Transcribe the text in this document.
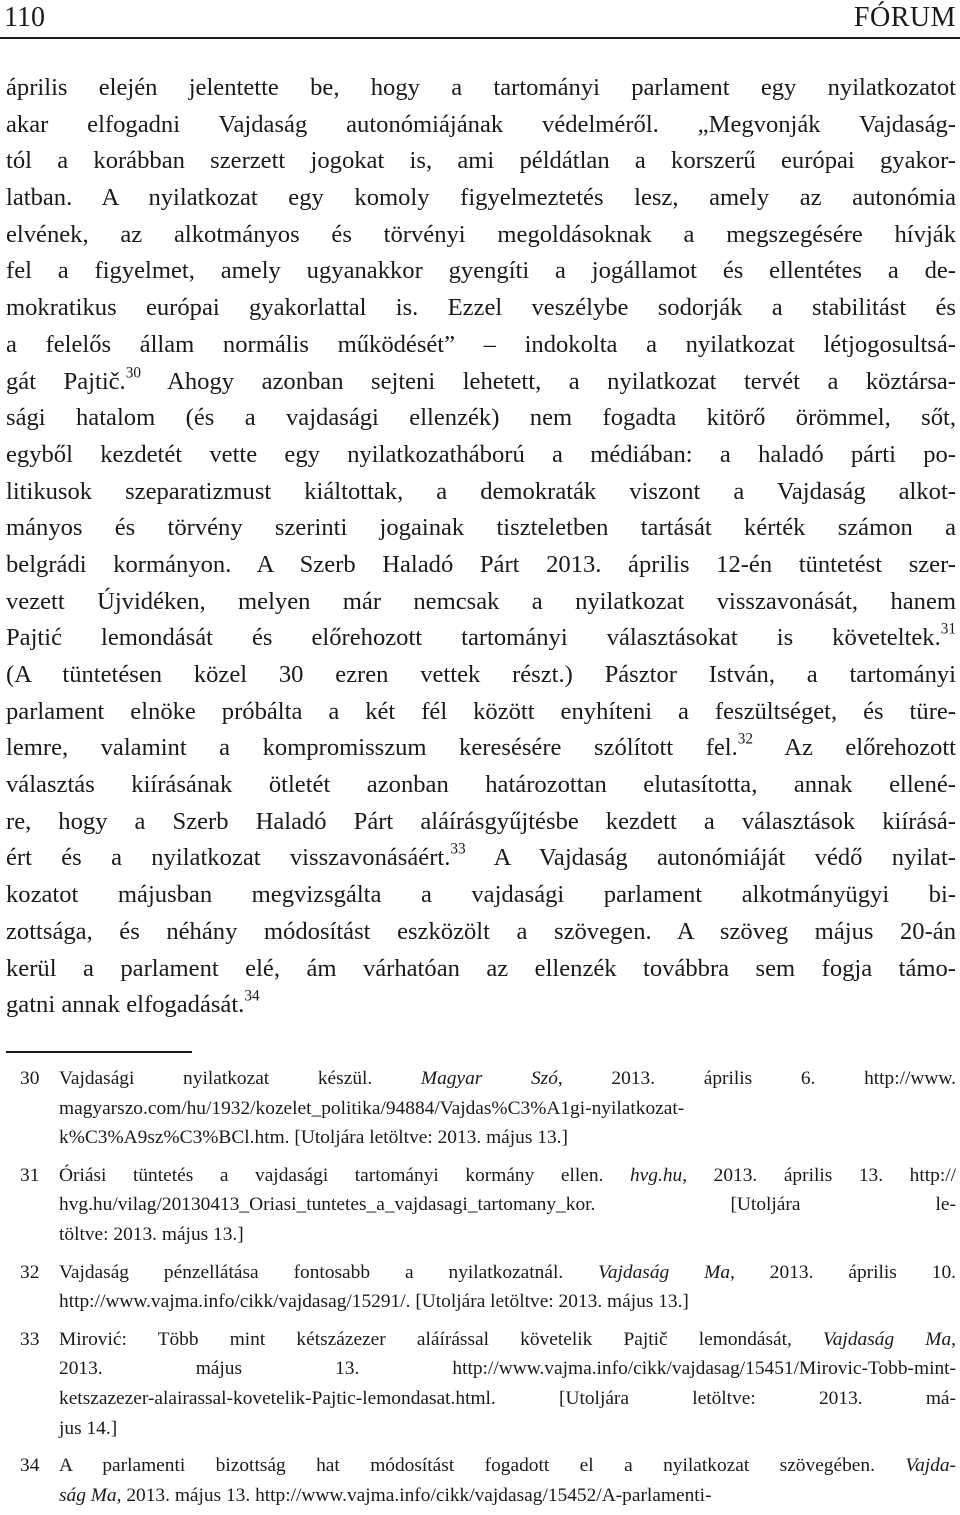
110	FÓRUM
április elején jelentette be, hogy a tartományi parlament egy nyilatkozatot
akar elfogadni Vajdaság autonómiájának védelméről. „Megvonják Vajdaság-
tól a korábban szerzett jogokat is, ami példátlan a korszerű európai gyakor-
latban. A nyilatkozat egy komoly figyelmeztetés lesz, amely az autonómia
elvének, az alkotmányos és törvényi megoldásoknak a megszegésére hívják
fel a figyelmet, amely ugyanakkor gyengíti a jogállamot és ellentétes a de-
mokratikus európai gyakorlattal is. Ezzel veszélybe sodorják a stabilitást és
a felelős állam normális működését” – indokolta a nyilatkozat létjogosultsá-
gát Pajtič.$^{30}$ Ahogy azonban sejteni lehetett, a nyilatkozat tervét a köztársa-
sági hatalom (és a vajdasági ellenzék) nem fogadta kitörő örömmel, sőt,
egyből kezdetét vette egy nyilatkozatháború a médiában: a haladó párti po-
litikusok szeparatizmust kiáltottak, a demokraták viszont a Vajdaság alkot-
mányos és törvény szerinti jogainak tiszteletben tartását kérték számon a
belgrádi kormányon. A Szerb Haladó Párt 2013. április 12-én tüntetést szer-
vezett Újvidéken, melyen már nemcsak a nyilatkozat visszavonását, hanem
Pajtić lemondását és előrehozott tartományi választásokat is követeltek.$^{31}$
(A tüntetésen közel 30 ezren vettek részt.) Pásztor István, a tartományi
parlament elnöke próbálta a két fél között enyhíteni a feszültséget, és türe-
lemre, valamint a kompromisszum keresésére szólított fel.$^{32}$ Az előrehozott
választás kiírásának ötletét azonban határozottan elutasította, annak ellené-
re, hogy a Szerb Haladó Párt aláírásgyűjtésbe kezdett a választások kiírásá-
ért és a nyilatkozat visszavonásáért.$^{33}$ A Vajdaság autonómiáját védő nyilat-
kozatot májusban megvizsgálta a vajdasági parlament alkotmányügyi bi-
zottsága, és néhány módosítást eszközölt a szövegen. A szöveg május 20-án
kerül a parlament elé, ám várhatóan az ellenzék továbbra sem fogja támo-
gatni annak elfogadását.$^{34}$
30 Vajdasági nyilatkozat készül. Magyar Szó, 2013. április 6. http://www.
magyarszo.com/hu/1932/kozelet_politika/94884/Vajdas%C3%A1gi-nyilatkozat-
k%C3%A9sz%C3%BCl.htm. [Utoljára letöltve: 2013. május 13.]
31 Óriási tüntetés a vajdasági tartományi kormány ellen. hvg.hu, 2013. április 13. http://
hvg.hu/vilag/20130413_Oriasi_tuntetes_a_vajdasagi_tartomany_kor. [Utoljára le-
töltve: 2013. május 13.]
32 Vajdaság pénzellátása fontosabb a nyilatkozatnál. Vajdaság Ma, 2013. április 10.
http://www.vajma.info/cikk/vajdasag/15291/. [Utoljára letöltve: 2013. május 13.]
33 Mirović: Több mint kétszázezer aláírással követelik Pajtič lemondását, Vajdaság Ma,
2013. május 13. http://www.vajma.info/cikk/vajdasag/15451/Mirovic-Tobb-mint-
ketszazezer-alairassal-kovetelik-Pajtic-lemondasat.html. [Utoljára letöltve: 2013. má-
jus 14.]
34 A parlamenti bizottság hat módosítást fogadott el a nyilatkozat szövegében. Vajda-
ság Ma, 2013. május 13. http://www.vajma.info/cikk/vajdasag/15452/A-parlamenti-
